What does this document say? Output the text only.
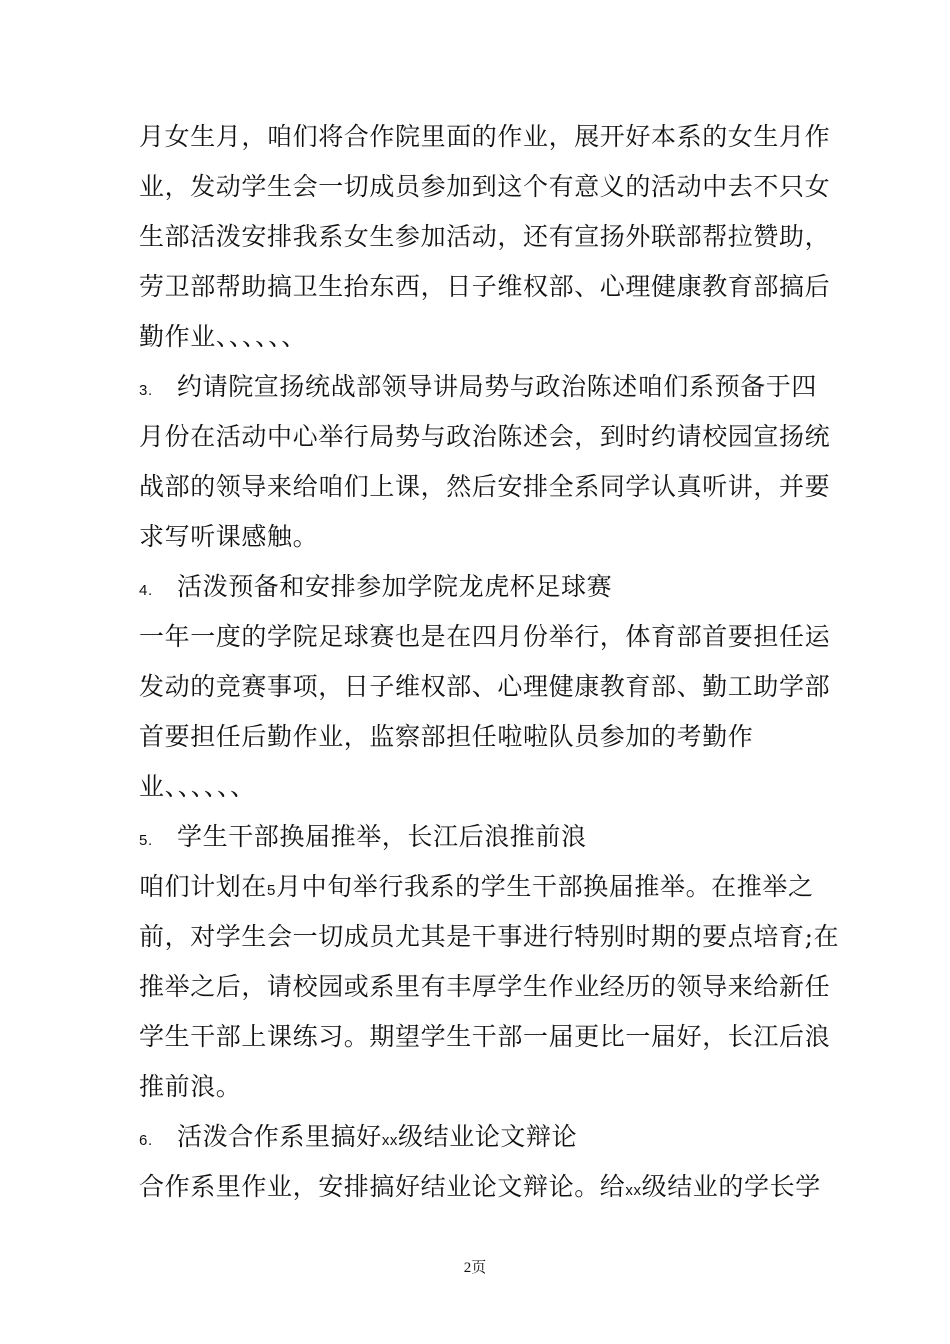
月女生月，咱们将合作院里面的作业，展开好本系的女生月作
业，发动学生会一切成员参加到这个有意义的活动中去不只女
生部活泼安排我系女生参加活动，还有宣扬外联部帮拉赞助，
劳卫部帮助搞卫生抬东西，日子维权部、心理健康教育部搞后
勤作业、、、、、、
3. 约请院宣扬统战部领导讲局势与政治陈述咱们系预备于四
月份在活动中心举行局势与政治陈述会，到时约请校园宣扬统
战部的领导来给咱们上课，然后安排全系同学认真听讲，并要
求写听课感触。
4. 活泼预备和安排参加学院龙虎杯足球赛
一年一度的学院足球赛也是在四月份举行，体育部首要担任运
发动的竞赛事项，日子维权部、心理健康教育部、勤工助学部
首要担任后勤作业，监察部担任啦啦队员参加的考勤作
业、、、、、、
5. 学生干部换届推举，长江后浪推前浪
咱们计划在5月中旬举行我系的学生干部换届推举。在推举之
前，对学生会一切成员尤其是干事进行特别时期的要点培育;在
推举之后，请校园或系里有丰厚学生作业经历的领导来给新任
学生干部上课练习。期望学生干部一届更比一届好，长江后浪
推前浪。
6. 活泼合作系里搞好xx级结业论文辩论
合作系里作业，安排搞好结业论文辩论。给xx级结业的学长学
2页
